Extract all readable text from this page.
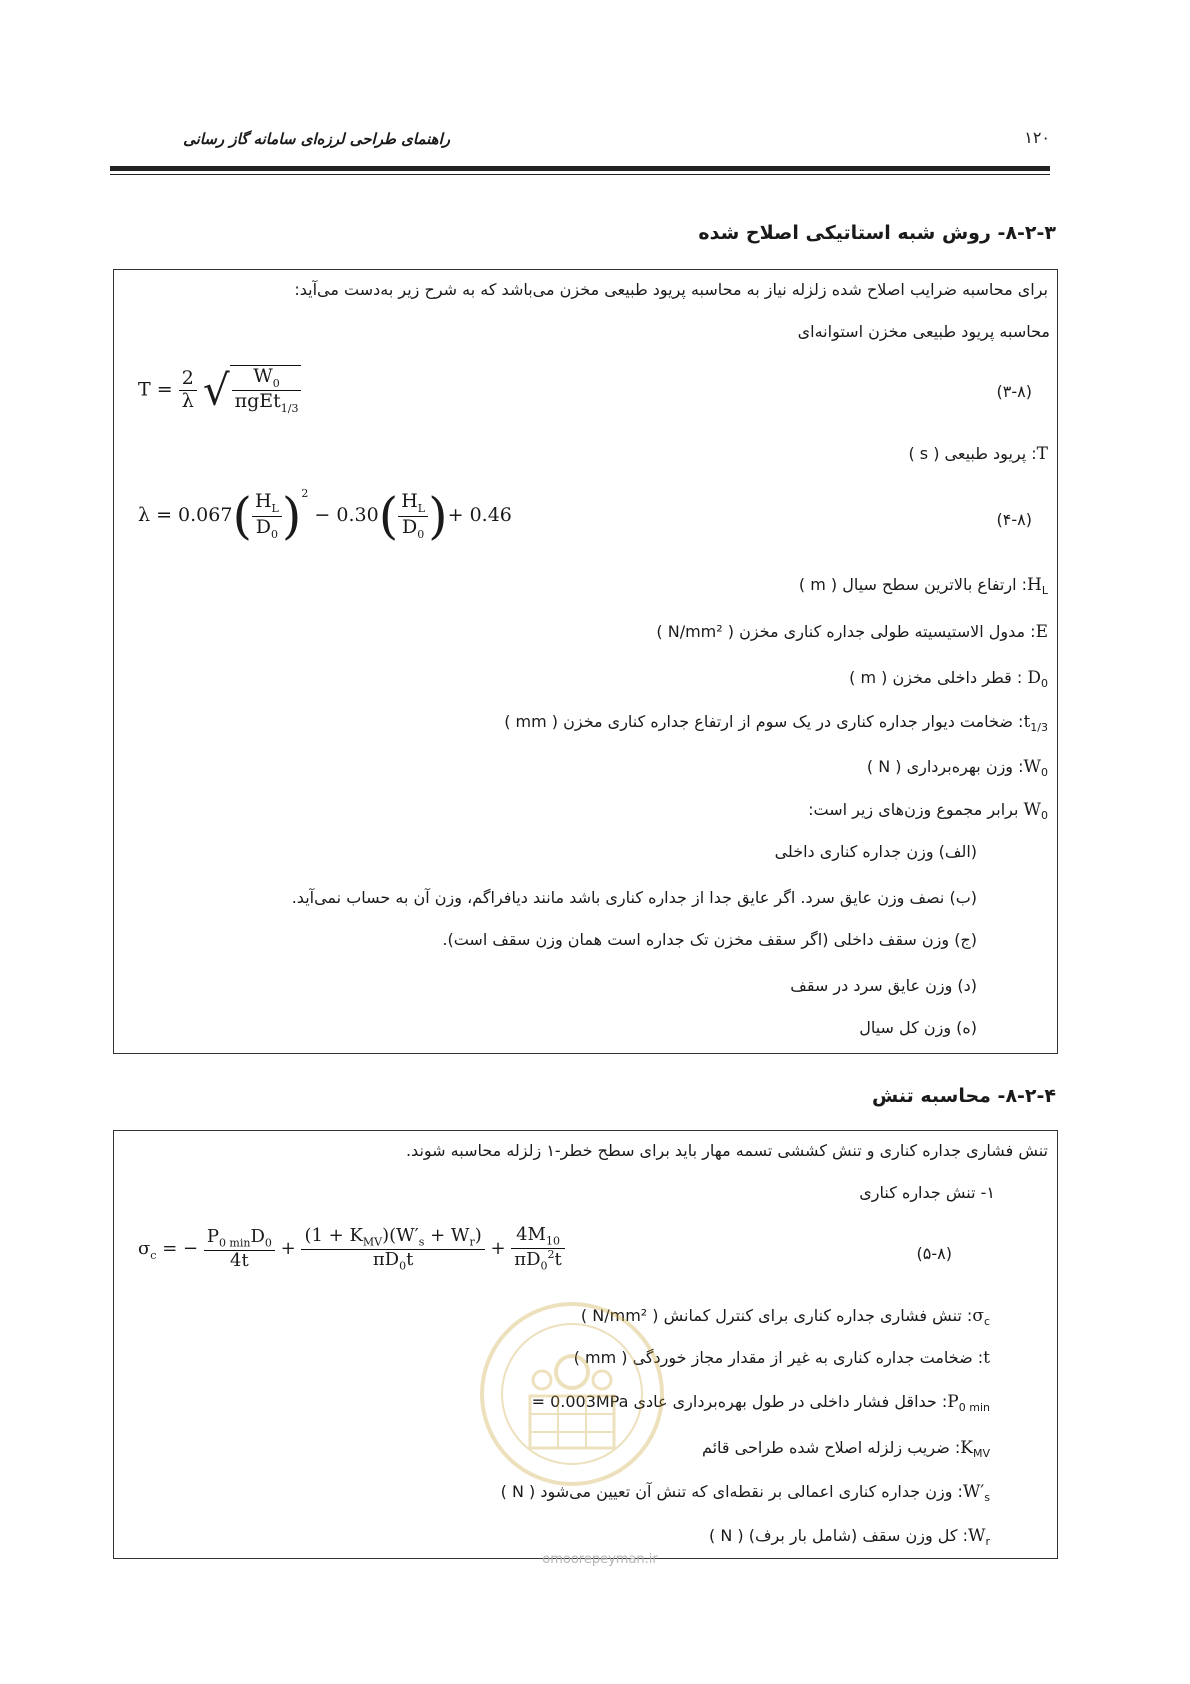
راهنمای طراحی لرزه‌ای سامانه گاز رسانی	۱۲۰
۸-۲-۳- روش شبه استاتیکی اصلاح شده
برای محاسبه ضرایب اصلاح شده زلزله نیاز به محاسبه پریود طبیعی مخزن می‌باشد که به شرح زیر به‌دست می‌آید:
محاسبه پریود طبیعی مخزن استوانه‌ای
$T = \frac{2}{\lambda}$ √ $\frac{W_0}{\pi gEt_{1/3}}$	(۳-۸)
T: پریود طبیعی ( s )
$\lambda = 0.067( \frac{H_L}{D_0} )^2 - 0.30( \frac{H_L}{D_0}$ )+ 0.46	(۴-۸)
$H_L$: ارتفاع بالاترین سطح سیال ( m )
E: مدول الاستیسیته طولی جداره کناری مخزن ( N/mm² )
$D_0$ : قطر داخلی مخزن ( m )
$t_{1/3}$: ضخامت دیوار جداره کناری در یک سوم از ارتفاع جداره کناری مخزن ( mm )
$W_0$: وزن بهره‌برداری ( N )
$W_0$ برابر مجموع وزن‌های زیر است:
(الف) وزن جداره کناری داخلی
(ب) نصف وزن عایق سرد. اگر عایق جدا از جداره کناری باشد مانند دیافراگم، وزن آن به حساب نمی‌آید.
(ج) وزن سقف داخلی (اگر سقف مخزن تک جداره است همان وزن سقف است).
(د) وزن عایق سرد در سقف
(ه) وزن کل سیال
۸-۲-۴- محاسبه تنش
تنش فشاری جداره کناری و تنش کششی تسمه مهار باید برای سطح خطر-۱ زلزله محاسبه شوند.
۱- تنش جداره کناری
$\sigma_c$ = − $\frac{P_{0 min}D_0}{4t} + \frac{(1 + K_{MV})(W'_s + W_r)}{\pi D_0t} + \frac{4M_{10}}{\pi D_0^2t}$	(۵-۸)
$\sigma_c$: تنش فشاری جداره کناری برای کنترل کمانش ( N/mm² )
t: ضخامت جداره کناری به غیر از مقدار مجاز خوردگی ( mm )
$P_{0 min}$: حداقل فشار داخلی در طول بهره‌برداری عادی 0.003MPa =
$K_{MV}$: ضریب زلزله اصلاح شده طراحی قائم
$W'_s$: وزن جداره کناری اعمالی بر نقطه‌ای که تنش آن تعیین می‌شود ( N )
$W_r$: کل وزن سقف (شامل بار برف) ( N )
omoorepeyman.ir
